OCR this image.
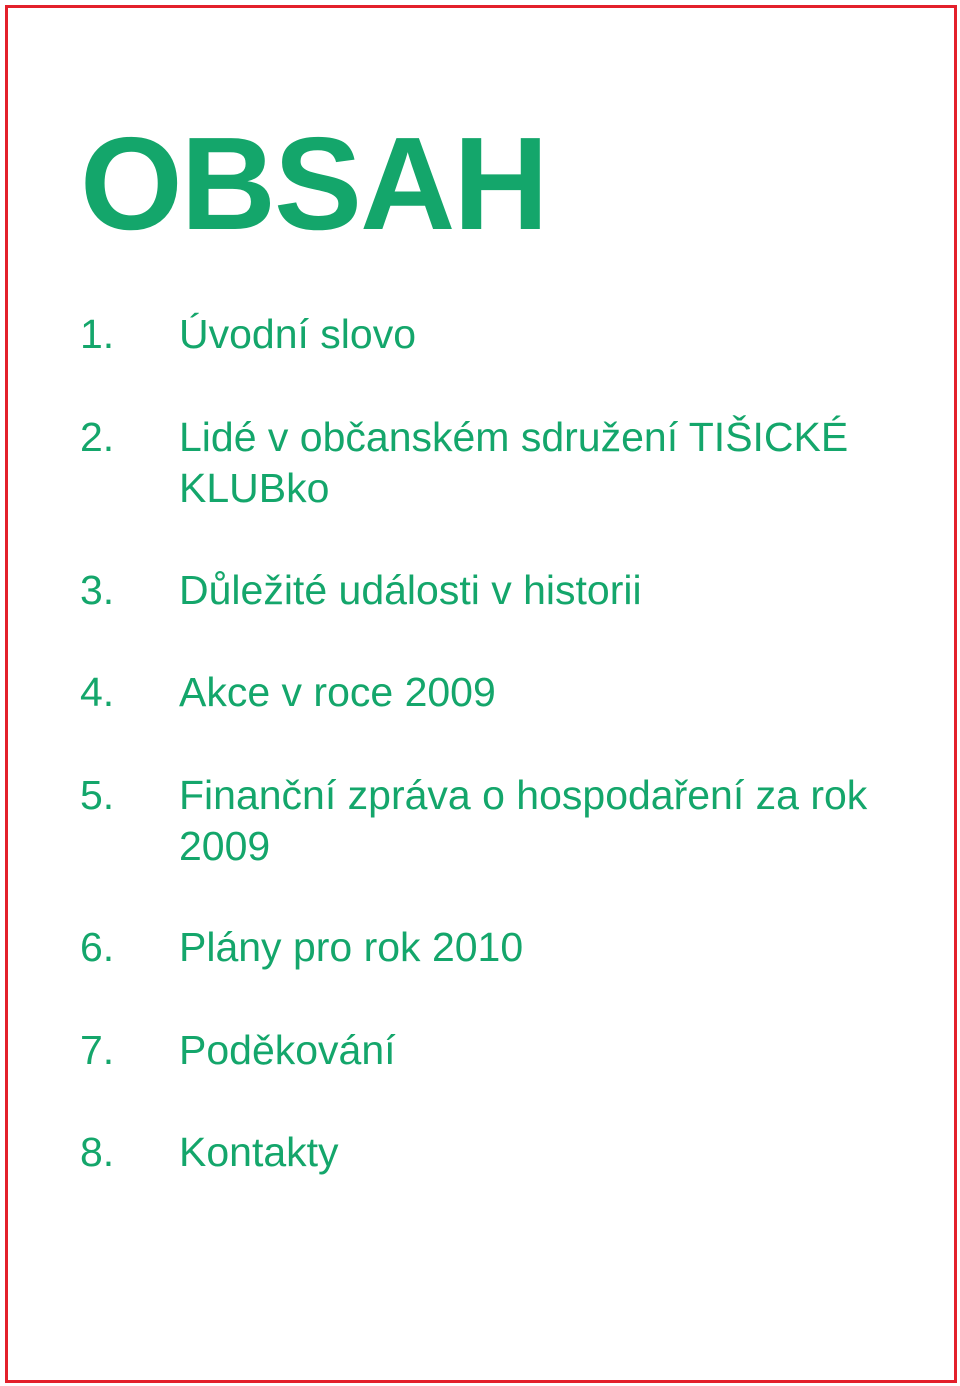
OBSAH
1.	Úvodní slovo
2.	Lidé v občanském sdružení TIŠICKÉ KLUBko
3.	Důležité události v historii
4.	Akce v roce 2009
5.	Finanční zpráva o hospodaření za rok 2009
6.	Plány pro rok 2010
7.	Poděkování
8.	Kontakty
